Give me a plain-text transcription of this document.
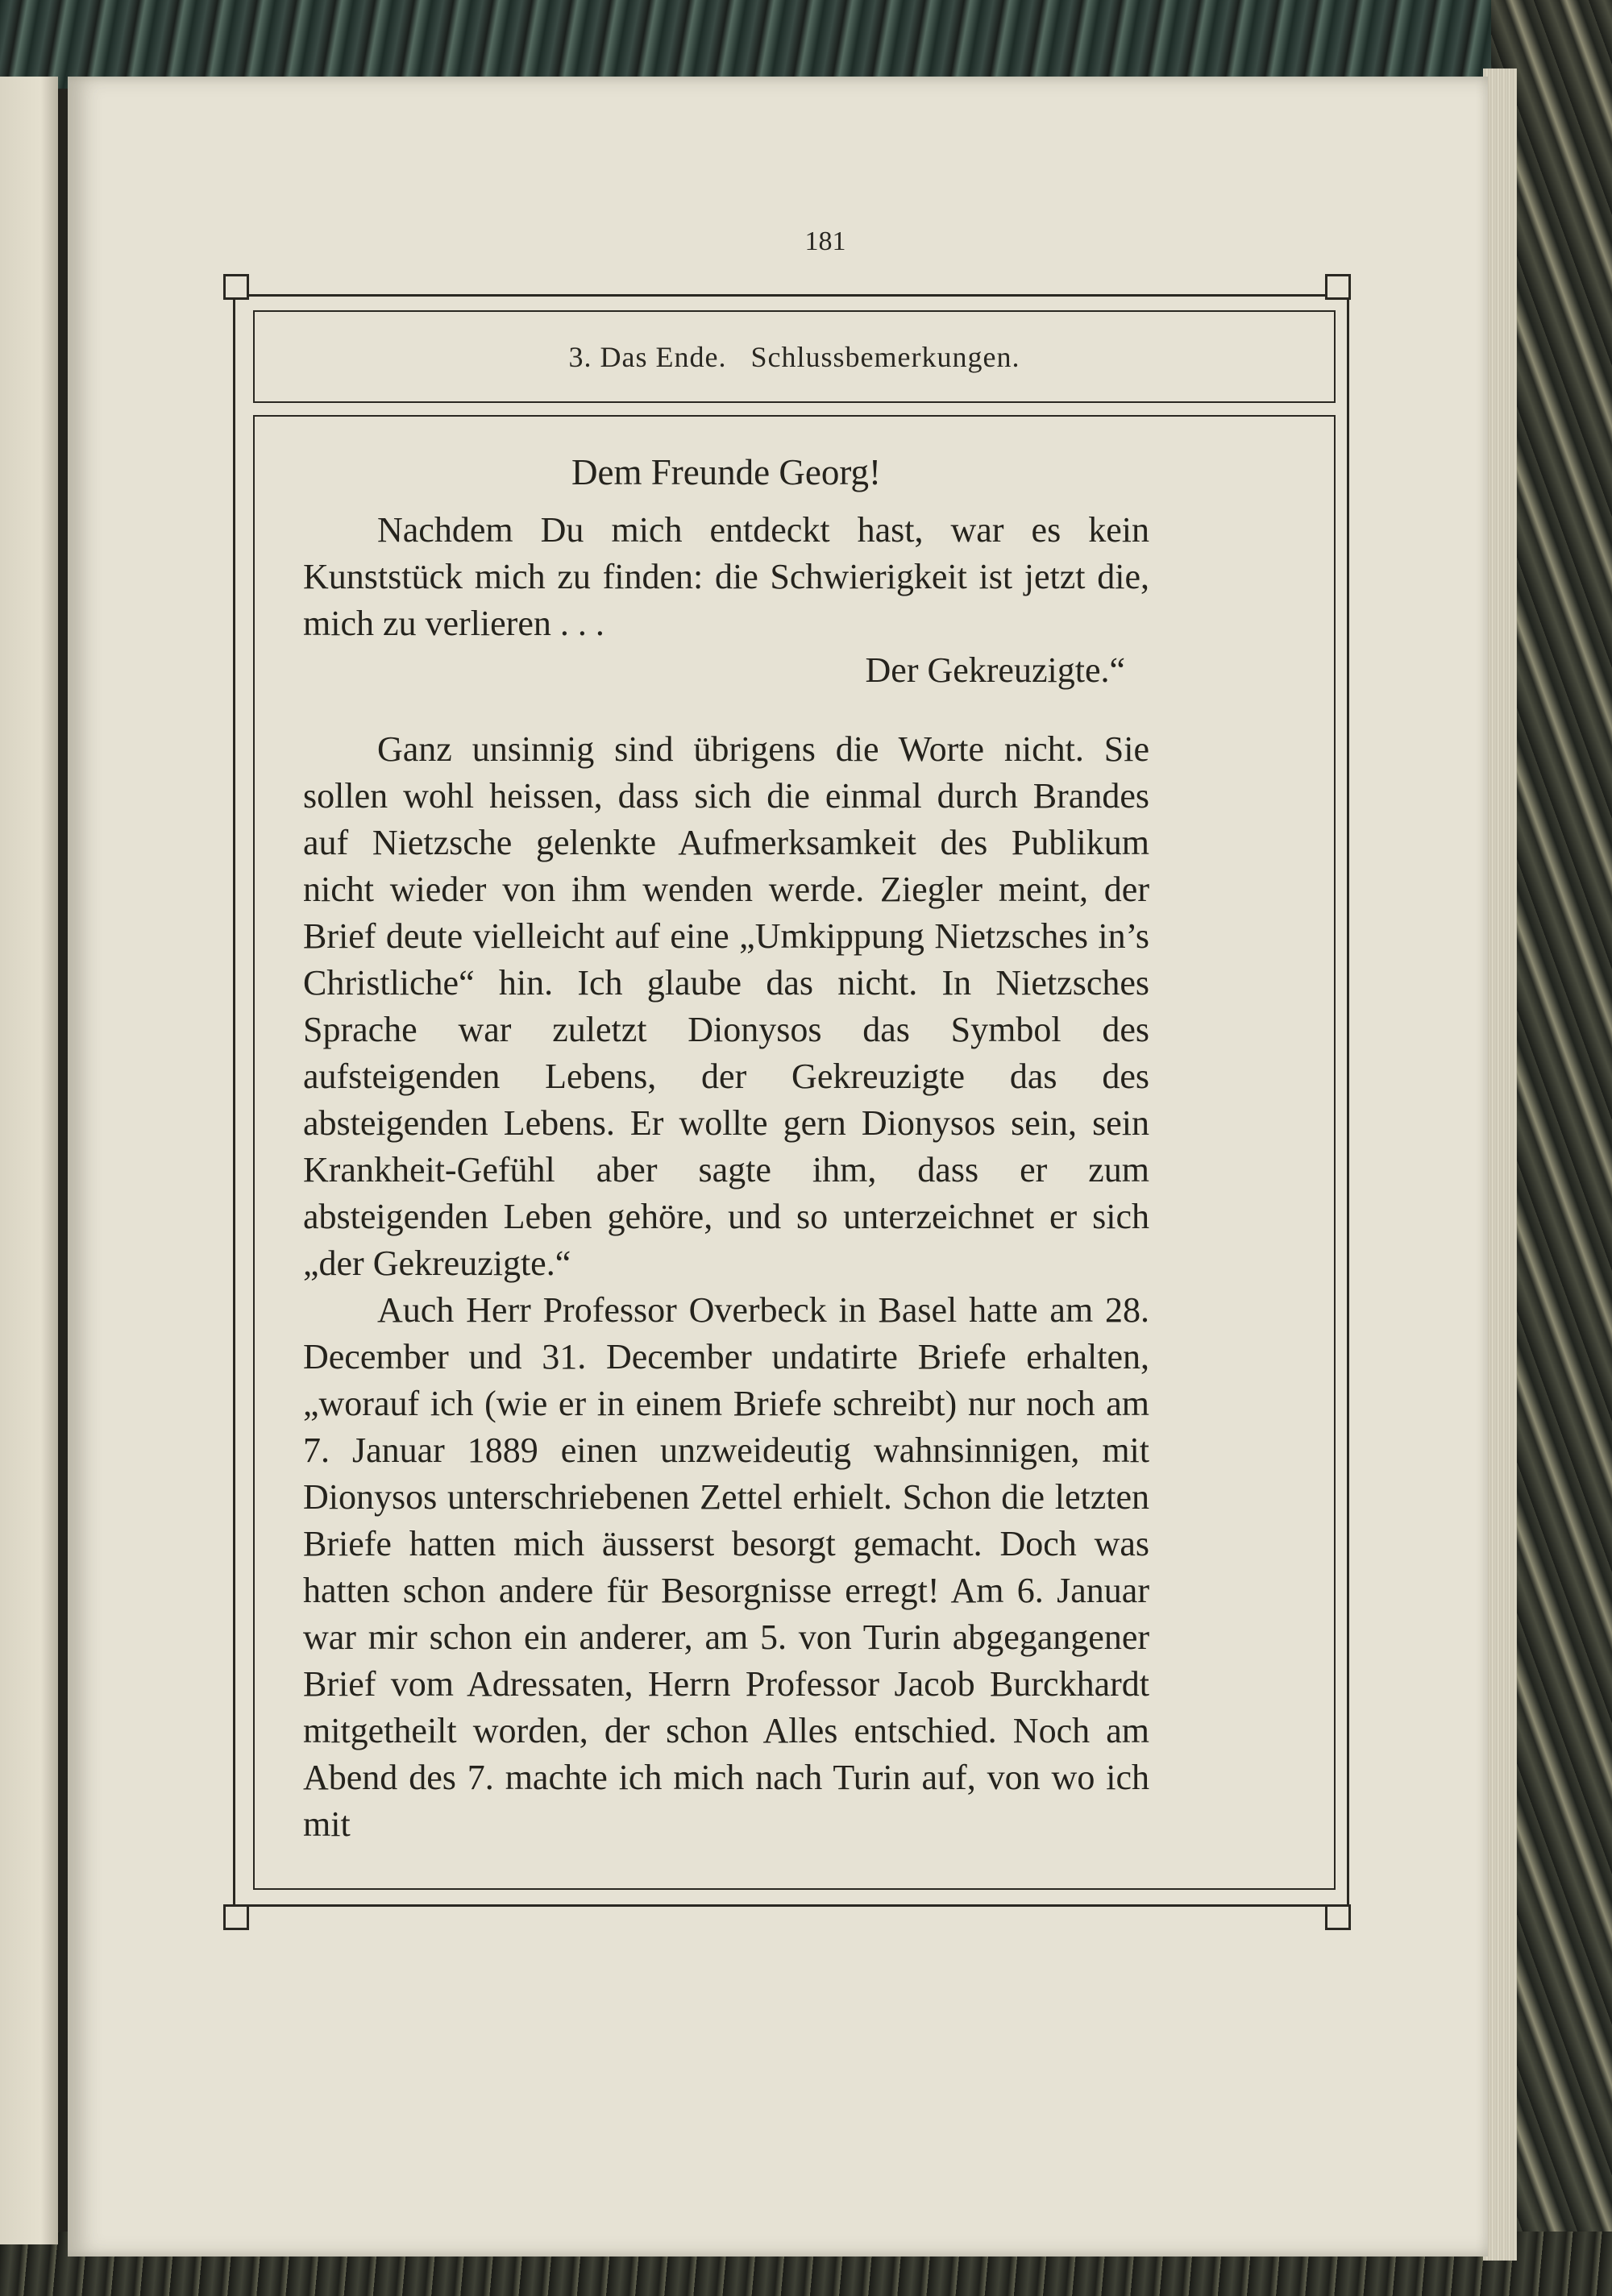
181

3. Das Ende.   Schlussbemerkungen.

Dem Freunde Georg!

Nachdem Du mich entdeckt hast, war es kein Kunststück mich zu finden: die Schwierigkeit ist jetzt die, mich zu verlieren . . .

Der Gekreuzigte.“

Ganz unsinnig sind übrigens die Worte nicht. Sie sollen wohl heissen, dass sich die einmal durch Brandes auf Nietzsche gelenkte Aufmerksamkeit des Publikum nicht wieder von ihm wenden werde. Ziegler meint, der Brief deute vielleicht auf eine „Umkippung Nietzsches in’s Christliche“ hin. Ich glaube das nicht. In Nietzsches Sprache war zuletzt Dionysos das Symbol des aufsteigenden Lebens, der Gekreuzigte das des absteigenden Lebens. Er wollte gern Dionysos sein, sein Krankheit-Gefühl aber sagte ihm, dass er zum absteigenden Leben gehöre, und so unterzeichnet er sich „der Gekreuzigte.“

Auch Herr Professor Overbeck in Basel hatte am 28. December und 31. December undatirte Briefe erhalten, „worauf ich (wie er in einem Briefe schreibt) nur noch am 7. Januar 1889 einen unzweideutig wahnsinnigen, mit Dionysos unterschriebenen Zettel erhielt. Schon die letzten Briefe hatten mich äusserst besorgt gemacht. Doch was hatten schon andere für Besorgnisse erregt! Am 6. Januar war mir schon ein anderer, am 5. von Turin abgegangener Brief vom Adressaten, Herrn Professor Jacob Burckhardt mitgetheilt worden, der schon Alles entschied. Noch am Abend des 7. machte ich mich nach Turin auf, von wo ich mit
